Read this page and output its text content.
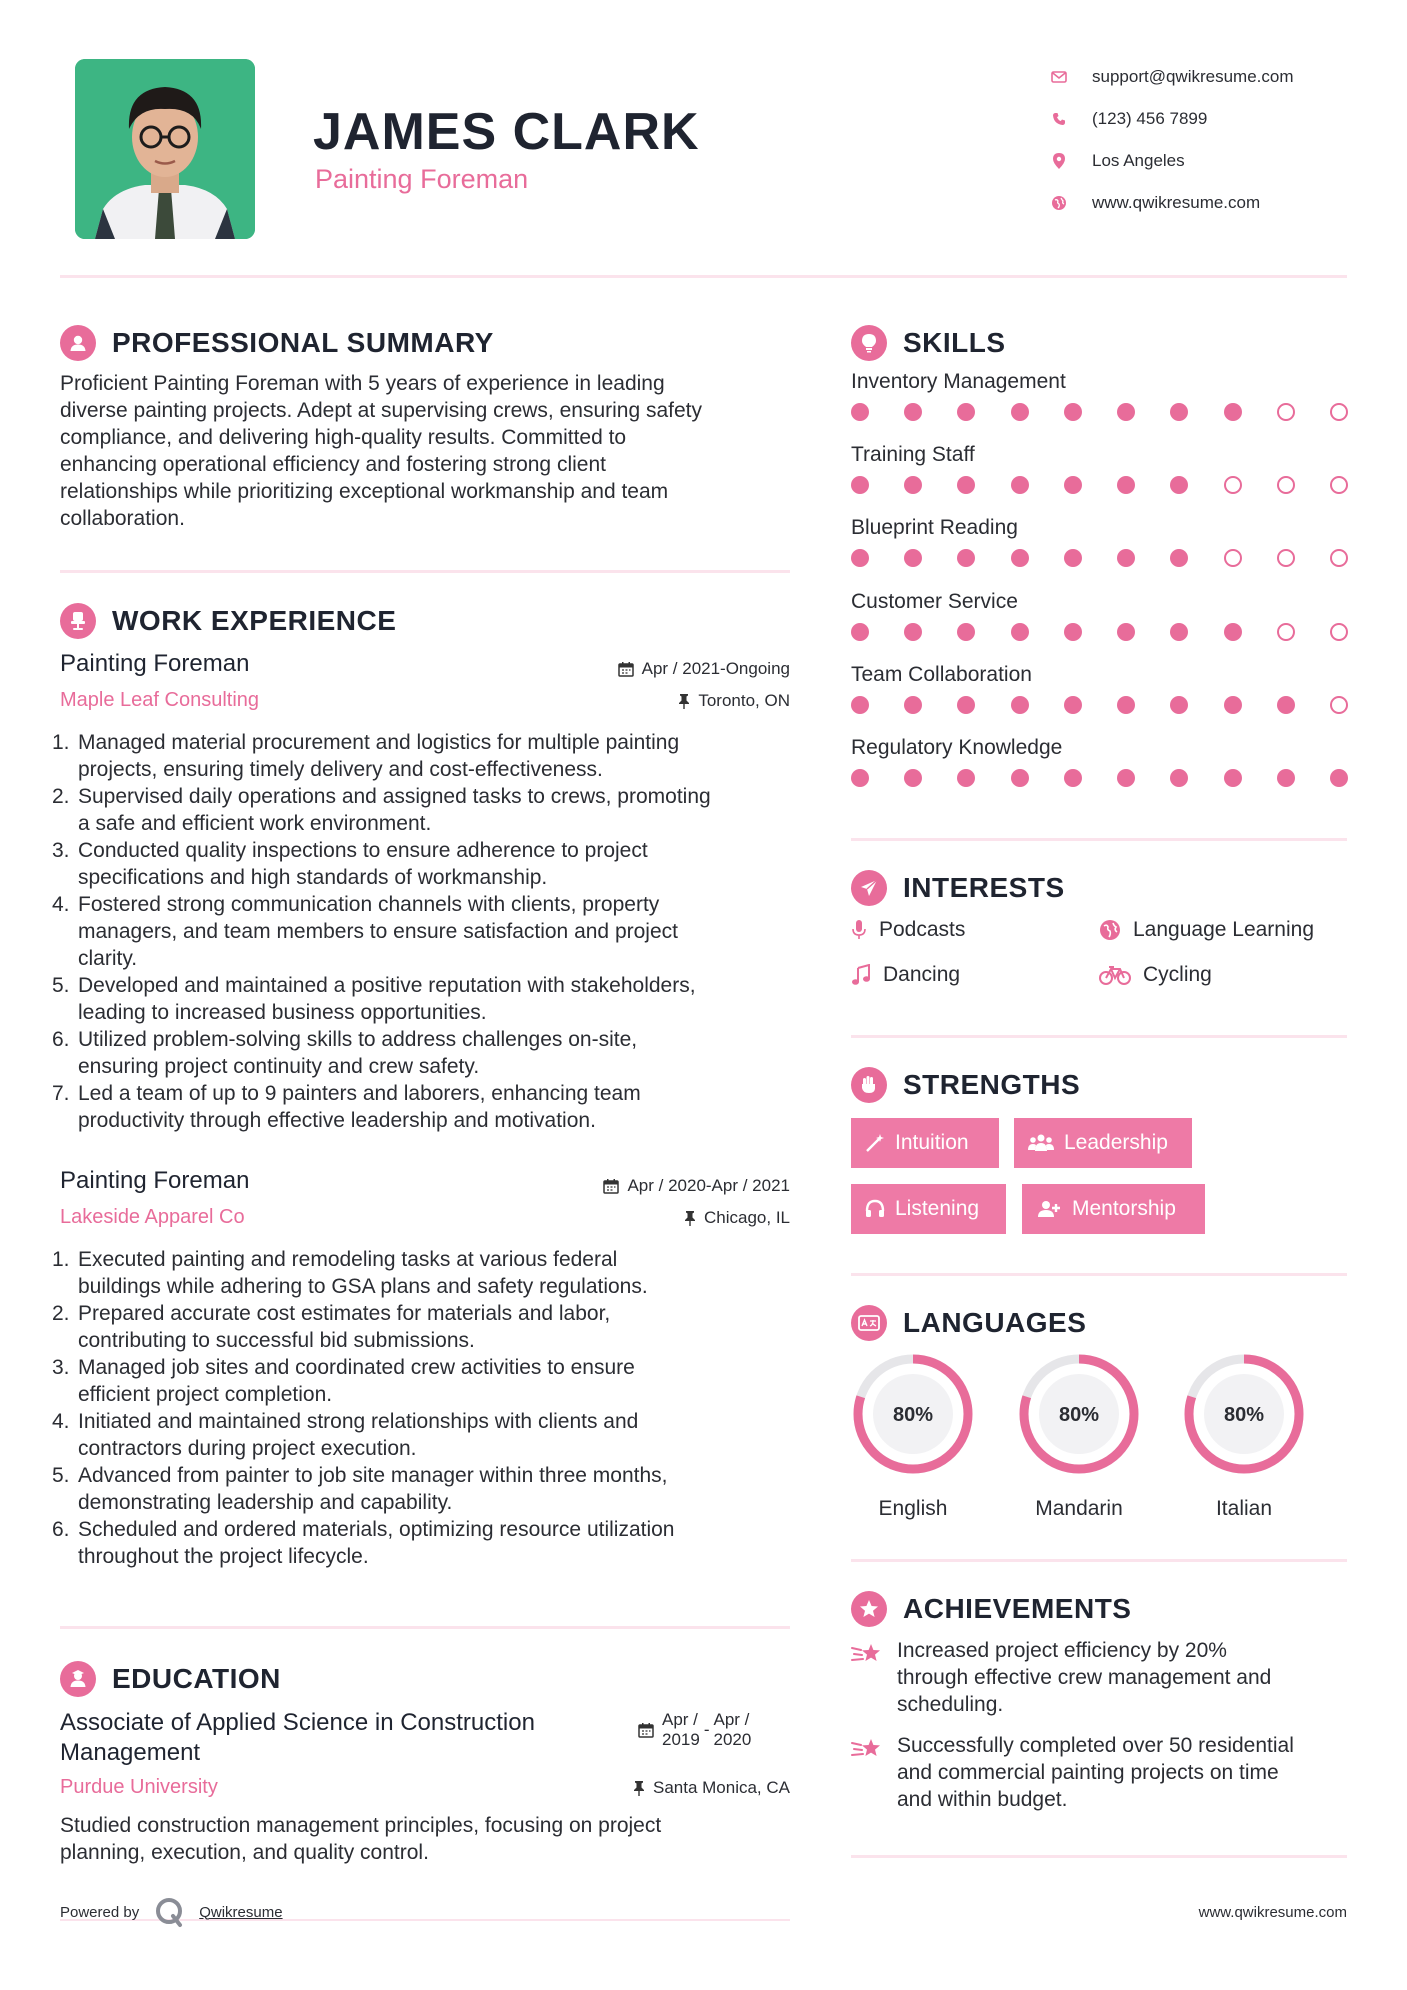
JAMES CLARK
Painting Foreman
support@qwikresume.com
(123) 456 7899
Los Angeles
www.qwikresume.com
PROFESSIONAL SUMMARY
Proficient Painting Foreman with 5 years of experience in leading
diverse painting projects. Adept at supervising crews, ensuring safety
compliance, and delivering high-quality results. Committed to
enhancing operational efficiency and fostering strong client
relationships while prioritizing exceptional workmanship and team
collaboration.
WORK EXPERIENCE
Painting Foreman	Apr / 2021-Ongoing
Maple Leaf Consulting	Toronto, ON
1. Managed material procurement and logistics for multiple painting
projects, ensuring timely delivery and cost-effectiveness.
2. Supervised daily operations and assigned tasks to crews, promoting
a safe and efficient work environment.
3. Conducted quality inspections to ensure adherence to project
specifications and high standards of workmanship.
4. Fostered strong communication channels with clients, property
managers, and team members to ensure satisfaction and project
clarity.
5. Developed and maintained a positive reputation with stakeholders,
leading to increased business opportunities.
6. Utilized problem-solving skills to address challenges on-site,
ensuring project continuity and crew safety.
7. Led a team of up to 9 painters and laborers, enhancing team
productivity through effective leadership and motivation.
Painting Foreman	Apr / 2020-Apr / 2021
Lakeside Apparel Co	Chicago, IL
1. Executed painting and remodeling tasks at various federal
buildings while adhering to GSA plans and safety regulations.
2. Prepared accurate cost estimates for materials and labor,
contributing to successful bid submissions.
3. Managed job sites and coordinated crew activities to ensure
efficient project completion.
4. Initiated and maintained strong relationships with clients and
contractors during project execution.
5. Advanced from painter to job site manager within three months,
demonstrating leadership and capability.
6. Scheduled and ordered materials, optimizing resource utilization
throughout the project lifecycle.
EDUCATION
Associate of Applied Science in Construction
Management
Apr /
2019
-
Apr /
2020
Purdue University	Santa Monica, CA
Studied construction management principles, focusing on project
planning, execution, and quality control.
SKILLS
Inventory Management
Training Staff
Blueprint Reading
Customer Service
Team Collaboration
Regulatory Knowledge
INTERESTS
Podcasts	Language Learning
Dancing	Cycling
STRENGTHS
Intuition	Leadership
Listening	Mentorship
LANGUAGES
80%
English
80%
Mandarin
80%
Italian
ACHIEVEMENTS
Increased project efficiency by 20%
through effective crew management and
scheduling.
Successfully completed over 50 residential
and commercial painting projects on time
and within budget.
Powered by	Qwikresume	www.qwikresume.com
